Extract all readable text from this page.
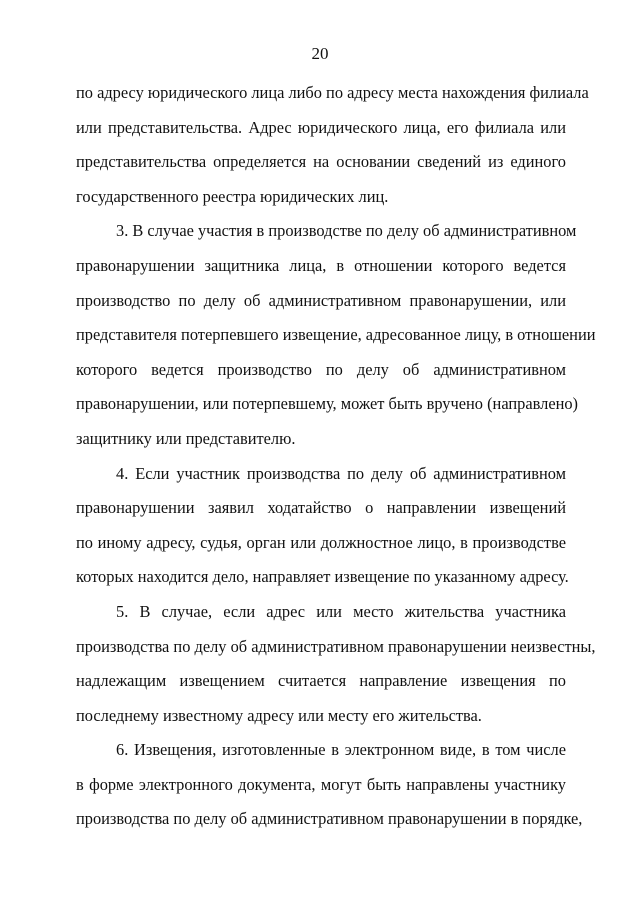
20
по адресу юридического лица либо по адресу места нахождения филиала
или представительства. Адрес юридического лица, его филиала или
представительства определяется на основании сведений из единого
государственного реестра юридических лиц.
3. В случае участия в производстве по делу об административном
правонарушении защитника лица, в отношении которого ведется
производство по делу об административном правонарушении, или
представителя потерпевшего извещение, адресованное лицу, в отношении
которого ведется производство по делу об административном
правонарушении, или потерпевшему, может быть вручено (направлено)
защитнику или представителю.
4. Если участник производства по делу об административном
правонарушении заявил ходатайство о направлении извещений
по иному адресу, судья, орган или должностное лицо, в производстве
которых находится дело, направляет извещение по указанному адресу.
5. В случае, если адрес или место жительства участника
производства по делу об административном правонарушении неизвестны,
надлежащим извещением считается направление извещения по
последнему известному адресу или месту его жительства.
6. Извещения, изготовленные в электронном виде, в том числе
в форме электронного документа, могут быть направлены участнику
производства по делу об административном правонарушении в порядке,
